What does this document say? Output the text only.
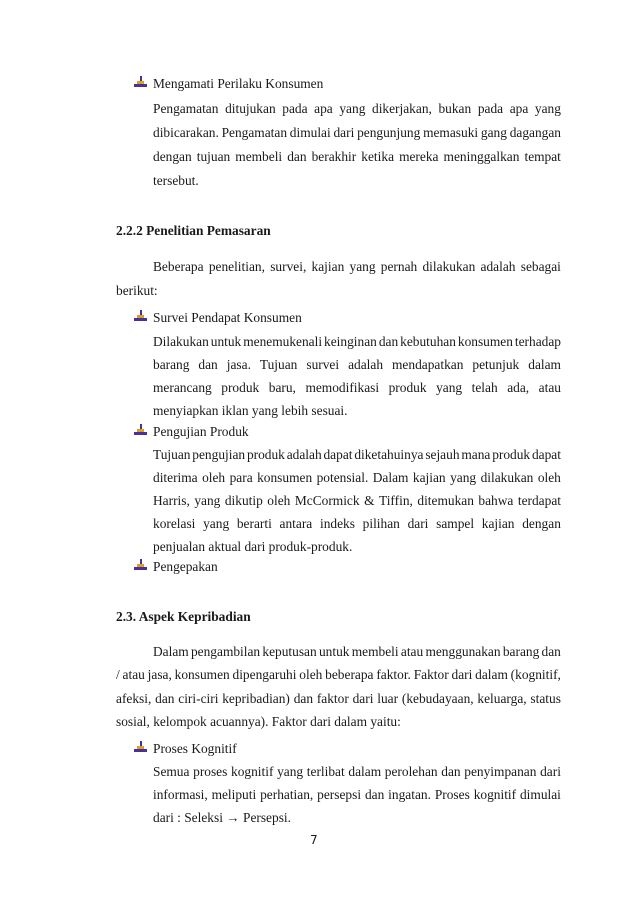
Mengamati Perilaku Konsumen
Pengamatan ditujukan pada apa yang dikerjakan, bukan pada apa yang
dibicarakan. Pengamatan dimulai dari pengunjung memasuki gang dagangan
dengan tujuan membeli dan berakhir ketika mereka meninggalkan tempat
tersebut.
2.2.2 Penelitian Pemasaran
Beberapa penelitian, survei, kajian yang pernah dilakukan adalah sebagai
berikut:
Survei Pendapat Konsumen
Dilakukan untuk menemukenali keinginan dan kebutuhan konsumen terhadap
barang dan jasa. Tujuan survei adalah mendapatkan petunjuk dalam
merancang produk baru, memodifikasi produk yang telah ada, atau
menyiapkan iklan yang lebih sesuai.
Pengujian Produk
Tujuan pengujian produk adalah dapat diketahuinya sejauh mana produk dapat
diterima oleh para konsumen potensial. Dalam kajian yang dilakukan oleh
Harris, yang dikutip oleh McCormick & Tiffin, ditemukan bahwa terdapat
korelasi yang berarti antara indeks pilihan dari sampel kajian dengan
penjualan aktual dari produk-produk.
Pengepakan
2.3. Aspek Kepribadian
Dalam pengambilan keputusan untuk membeli atau menggunakan barang dan
/ atau jasa, konsumen dipengaruhi oleh beberapa faktor. Faktor dari dalam (kognitif,
afeksi, dan ciri-ciri kepribadian) dan faktor dari luar (kebudayaan, keluarga, status
sosial, kelompok acuannya). Faktor dari dalam yaitu:
Proses Kognitif
Semua proses kognitif yang terlibat dalam perolehan dan penyimpanan dari
informasi, meliputi perhatian, persepsi dan ingatan. Proses kognitif dimulai
dari : Seleksi → Persepsi.
7
